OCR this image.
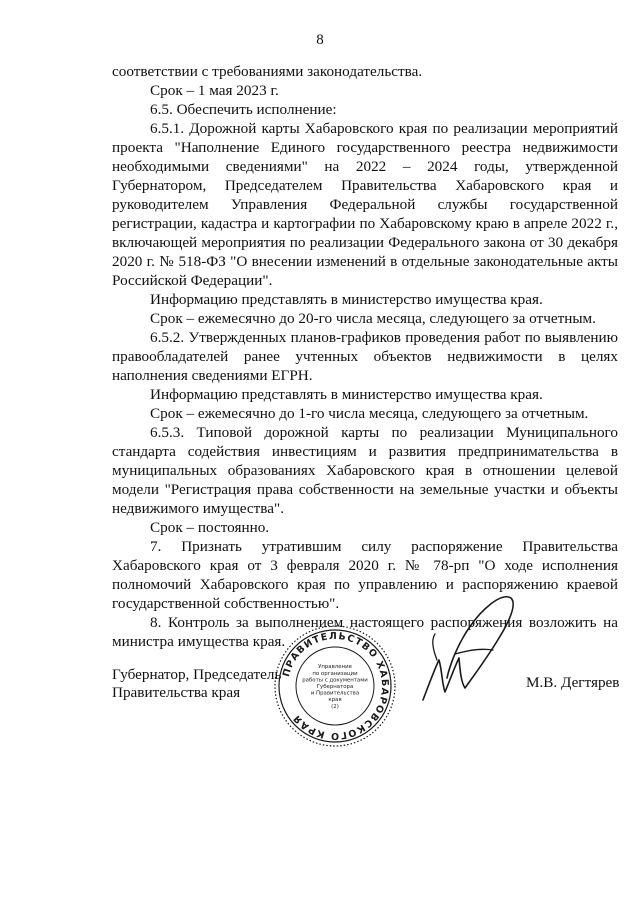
8

соответствии с требованиями законодательства.

Срок – 1 мая 2023 г.

6.5. Обеспечить исполнение:

6.5.1. Дорожной карты Хабаровского края по реализации мероприятий проекта "Наполнение Единого государственного реестра недвижимости необходимыми сведениями" на 2022 – 2024 годы, утвержденной Губернатором, Председателем Правительства Хабаровского края и руководителем Управления Федеральной службы государственной регистрации, кадастра и картографии по Хабаровскому краю в апреле 2022 г., включающей мероприятия по реализации Федерального закона от 30 декабря 2020 г. № 518-ФЗ "О внесении изменений в отдельные законодательные акты Российской Федерации".

Информацию представлять в министерство имущества края.

Срок – ежемесячно до 20-го числа месяца, следующего за отчетным.

6.5.2. Утвержденных планов-графиков проведения работ по выявлению правообладателей ранее учтенных объектов недвижимости в целях наполнения сведениями ЕГРН.

Информацию представлять в министерство имущества края.

Срок – ежемесячно до 1-го числа месяца, следующего за отчетным.

6.5.3. Типовой дорожной карты по реализации Муниципального стандарта содействия инвестициям и развития предпринимательства в муниципальных образованиях Хабаровского края в отношении целевой модели "Регистрация права собственности на земельные участки и объекты недвижимого имущества".

Срок – постоянно.

7. Признать утратившим силу распоряжение Правительства Хабаровского края от 3 февраля 2020 г. № 78-рп "О ходе исполнения полномочий Хабаровского края по управлению и распоряжению краевой государственной собственностью".

8. Контроль за выполнением настоящего распоряжения возложить на министра имущества края.

Губернатор, Председатель
Правительства края
ПРАВИТЕЛЬСТВО ХАБАРОВСКОГО КРАЯ
Управление
по организации
работы с документами
Губернатора
и Правительства
края
(2)
М.В. Дегтярев
